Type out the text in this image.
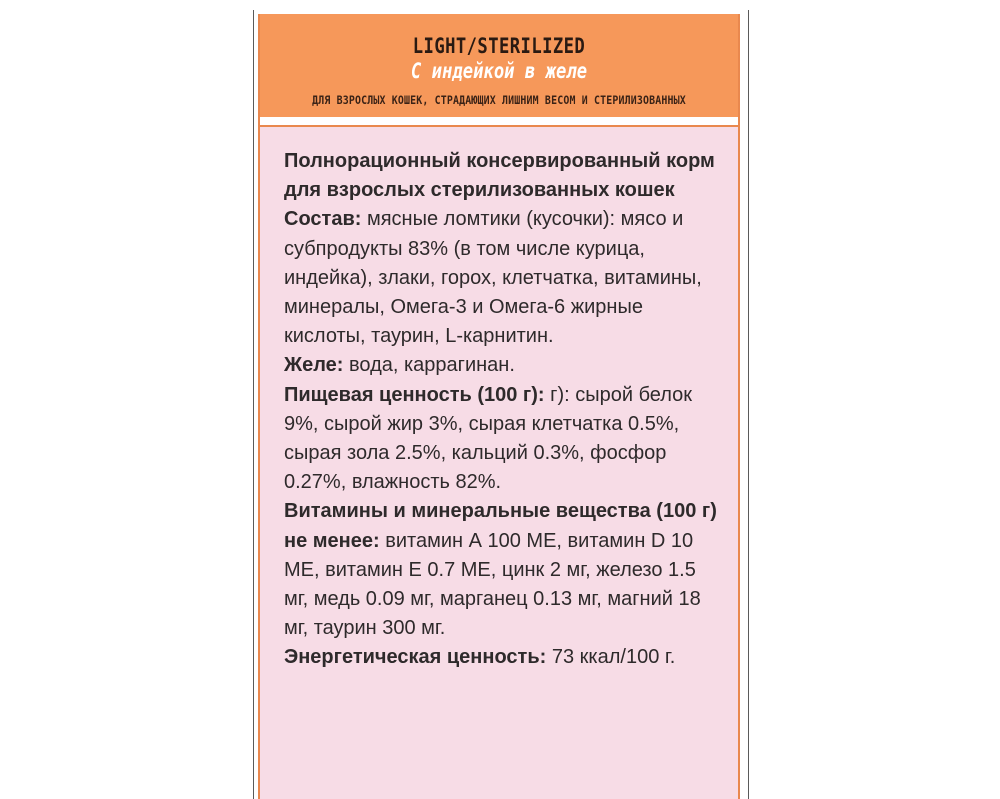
LIGHT/STERILIZED
С индейкой в желе
ДЛЯ ВЗРОСЛЫХ КОШЕК, СТРАДАЮЩИХ ЛИШНИМ ВЕСОМ И СТЕРИЛИЗОВАННЫХ

Полнорационный консервированный корм для взрослых стерилизованных кошек

Состав: мясные ломтики (кусочки): мясо и субпродукты 83% (в том числе курица, индейка), злаки, горох, клетчатка, витамины, минералы, Омега-3 и Омега-6 жирные кислоты, таурин, L-карнитин.

Желе: вода, каррагинан.

Пищевая ценность (100 г): г): сырой белок 9%, сырой жир 3%, сырая клетчатка 0.5%, сырая зола 2.5%, кальций 0.3%, фосфор 0.27%, влажность 82%.

Витамины и минеральные вещества (100 г) не менее: витамин А 100 МЕ, витамин D 10 МЕ, витамин Е 0.7 МЕ, цинк 2 мг, железо 1.5 мг, медь 0.09 мг, марганец 0.13 мг, магний 18 мг, таурин 300 мг.

Энергетическая ценность: 73 ккал/100 г.
